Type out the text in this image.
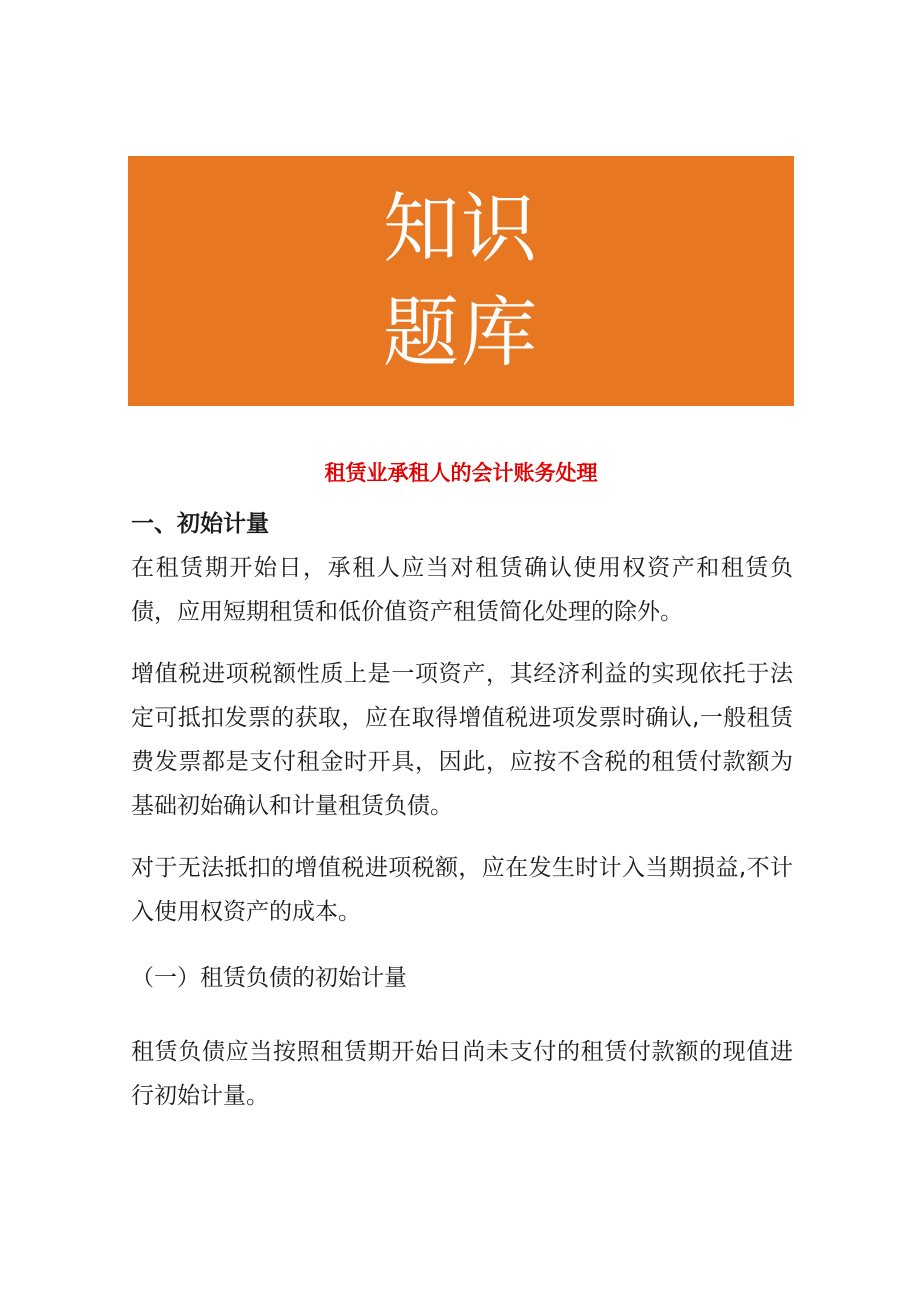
知识
题库
租赁业承租人的会计账务处理
一、初始计量

在租赁期开始日，承租人应当对租赁确认使用权资产和租赁负债，应用短期租赁和低价值资产租赁简化处理的除外。

增值税进项税额性质上是一项资产，其经济利益的实现依托于法定可抵扣发票的获取，应在取得增值税进项发票时确认,一般租赁费发票都是支付租金时开具，因此，应按不含税的租赁付款额为基础初始确认和计量租赁负债。

对于无法抵扣的增值税进项税额，应在发生时计入当期损益,不计入使用权资产的成本。

（一）租赁负债的初始计量

租赁负债应当按照租赁期开始日尚未支付的租赁付款额的现值进行初始计量。
